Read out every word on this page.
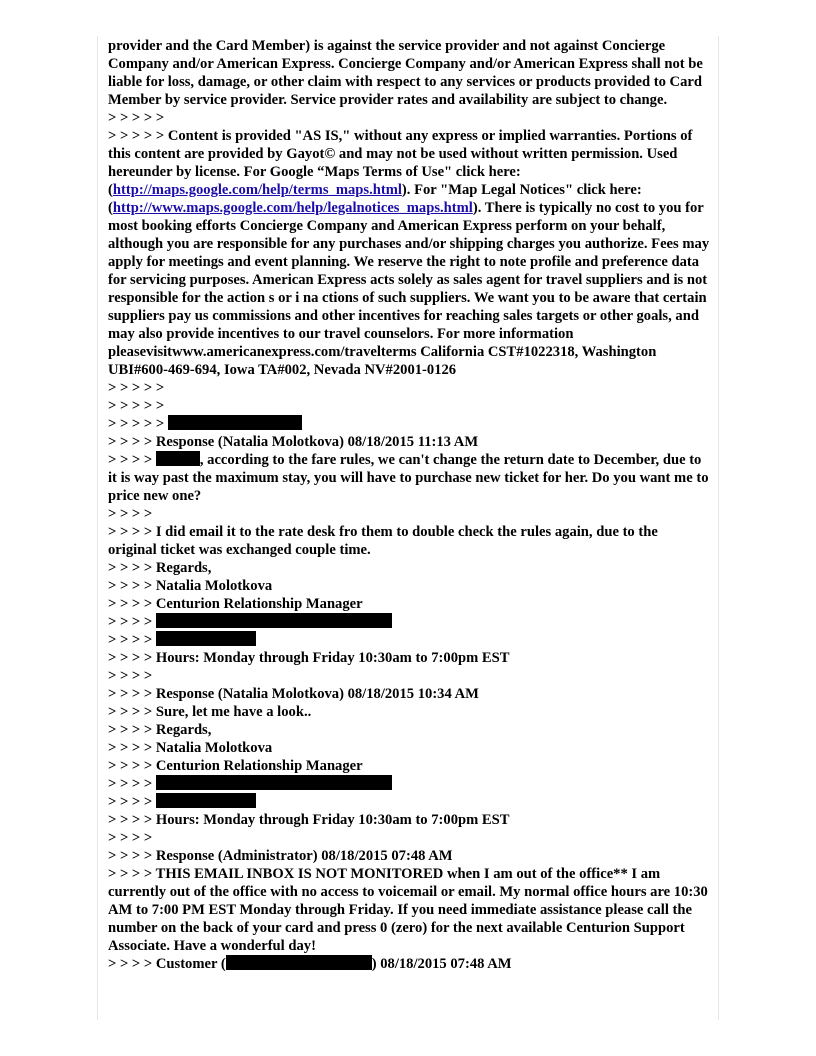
provider and the Card Member) is against the service provider and not against Concierge Company and/or American Express. Concierge Company and/or American Express shall not be liable for loss, damage, or other claim with respect to any services or products provided to Card Member by service provider. Service provider rates and availability are subject to change.

> > > > >

> > > > > Content is provided "AS IS," without any express or implied warranties. Portions of this content are provided by Gayot© and may not be used without written permission. Used hereunder by license. For Google “Maps Terms of Use" click here: (http://maps.google.com/help/terms_maps.html). For "Map Legal Notices" click here: (http://www.maps.google.com/help/legalnotices_maps.html). There is typically no cost to you for most booking efforts Concierge Company and American Express perform on your behalf, although you are responsible for any purchases and/or shipping charges you authorize. Fees may apply for meetings and event planning. We reserve the right to note profile and preference data for servicing purposes. American Express acts solely as sales agent for travel suppliers and is not responsible for the action s or i na ctions of such suppliers. We want you to be aware that certain suppliers pay us commissions and other incentives for reaching sales targets or other goals, and may also provide incentives to our travel counselors. For more information pleasevisitwww.americanexpress.com/travelterms California CST#1022318, Washington UBI#600-469-694, Iowa TA#002, Nevada NV#2001-0126

> > > > >

> > > > >

> > > > >

> > > > Response (Natalia Molotkova) 08/18/2015 11:13 AM

> > > >	, according to the fare rules, we can't change the return date to December, due to it is way past the maximum stay, you will have to purchase new ticket for her. Do you want me to price new one?

> > > >

> > > > I did email it to the rate desk fro them to double check the rules again, due to the original ticket was exchanged couple time.

> > > > Regards,

> > > > Natalia Molotkova

> > > > Centurion Relationship Manager

> > > >

> > > >

> > > > Hours: Monday through Friday 10:30am to 7:00pm EST

> > > >

> > > > Response (Natalia Molotkova) 08/18/2015 10:34 AM

> > > > Sure, let me have a look..

> > > > Regards,

> > > > Natalia Molotkova

> > > > Centurion Relationship Manager

> > > >

> > > >

> > > > Hours: Monday through Friday 10:30am to 7:00pm EST

> > > >

> > > > Response (Administrator) 08/18/2015 07:48 AM

> > > > THIS EMAIL INBOX IS NOT MONITORED when I am out of the office** I am currently out of the office with no access to voicemail or email. My normal office hours are 10:30 AM to 7:00 PM EST Monday through Friday. If you need immediate assistance please call the number on the back of your card and press 0 (zero) for the next available Centurion Support Associate. Have a wonderful day!

> > > > Customer (	) 08/18/2015 07:48 AM
